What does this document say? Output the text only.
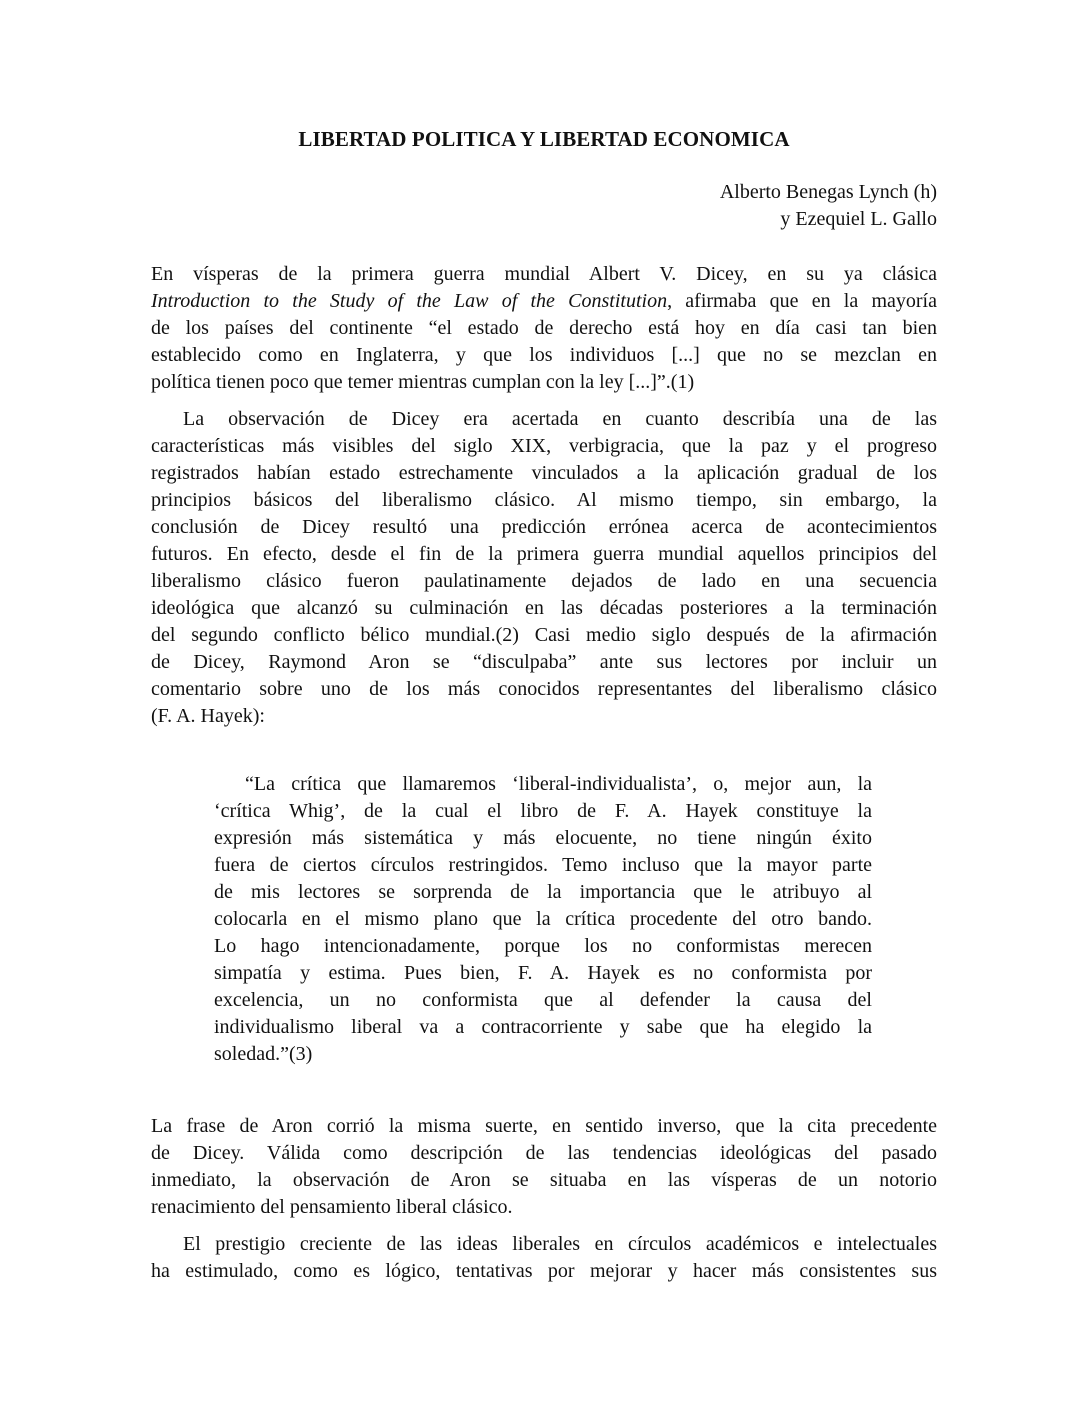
LIBERTAD POLITICA Y LIBERTAD ECONOMICA
Alberto Benegas Lynch (h)
y Ezequiel L. Gallo
En vísperas de la primera guerra mundial Albert V. Dicey, en su ya clásica
Introduction to the Study of the Law of the Constitution, afirmaba que en la mayoría
de los países del continente “el estado de derecho está hoy en día casi tan bien
establecido como en Inglaterra, y que los individuos [...] que no se mezclan en
política tienen poco que temer mientras cumplan con la ley [...]”.(1)
La observación de Dicey era acertada en cuanto describía una de las
características más visibles del siglo XIX, verbigracia, que la paz y el progreso
registrados habían estado estrechamente vinculados a la aplicación gradual de los
principios básicos del liberalismo clásico. Al mismo tiempo, sin embargo, la
conclusión de Dicey resultó una predicción errónea acerca de acontecimientos
futuros. En efecto, desde el fin de la primera guerra mundial aquellos principios del
liberalismo clásico fueron paulatinamente dejados de lado en una secuencia
ideológica que alcanzó su culminación en las décadas posteriores a la terminación
del segundo conflicto bélico mundial.(2) Casi medio siglo después de la afirmación
de Dicey, Raymond Aron se “disculpaba” ante sus lectores por incluir un
comentario sobre uno de los más conocidos representantes del liberalismo clásico
(F. A. Hayek):
“La crítica que llamaremos ‘liberal-individualista’, o, mejor aun, la
‘crítica Whig’, de la cual el libro de F. A. Hayek constituye la
expresión más sistemática y más elocuente, no tiene ningún éxito
fuera de ciertos círculos restringidos. Temo incluso que la mayor parte
de mis lectores se sorprenda de la importancia que le atribuyo al
colocarla en el mismo plano que la crítica procedente del otro bando.
Lo hago intencionadamente, porque los no conformistas merecen
simpatía y estima. Pues bien, F. A. Hayek es no conformista por
excelencia, un no conformista que al defender la causa del
individualismo liberal va a contracorriente y sabe que ha elegido la
soledad.”(3)
La frase de Aron corrió la misma suerte, en sentido inverso, que la cita precedente
de Dicey. Válida como descripción de las tendencias ideológicas del pasado
inmediato, la observación de Aron se situaba en las vísperas de un notorio
renacimiento del pensamiento liberal clásico.
El prestigio creciente de las ideas liberales en círculos académicos e intelectuales
ha estimulado, como es lógico, tentativas por mejorar y hacer más consistentes sus
